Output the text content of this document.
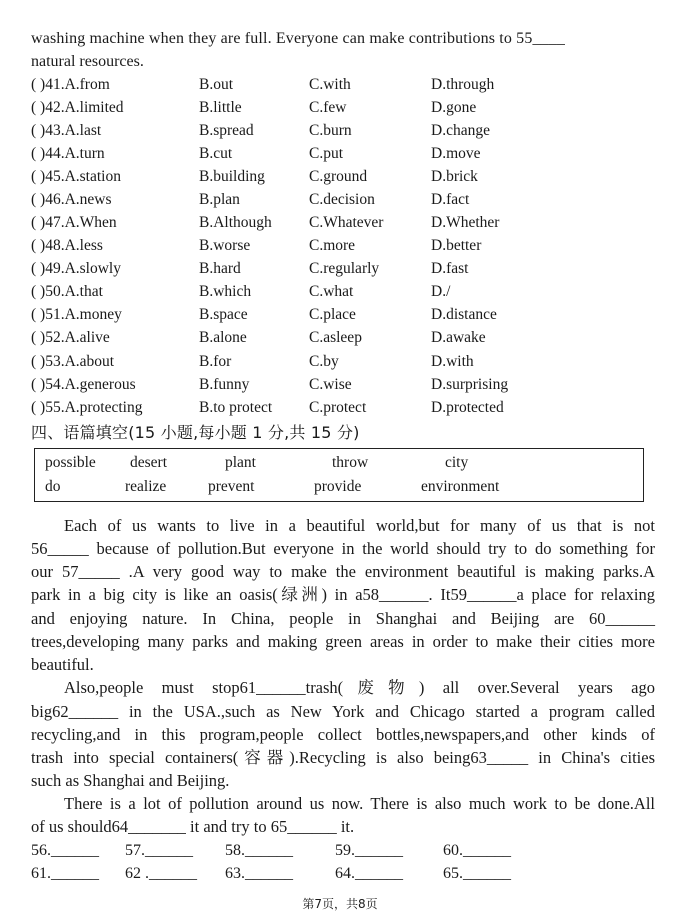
washing machine when they are full. Everyone can make contributions to 55____
natural resources.
( )41.A.from	B.out	C.with	D.through
( )42.A.limited	B.little	C.few	D.gone
( )43.A.last	B.spread	C.burn	D.change
( )44.A.turn	B.cut	C.put	D.move
( )45.A.station	B.building	C.ground	D.brick
( )46.A.news	B.plan	C.decision	D.fact
( )47.A.When	B.Although C.Whatever	D.Whether
( )48.A.less	B.worse	C.more	D.better
( )49.A.slowly	B.hard	C.regularly	D.fast
( )50.A.that	B.which	C.what	D./
( )51.A.money	B.space	C.place	D.distance
( )52.A.alive	B.alone	C.asleep	D.awake
( )53.A.about	B.for	C.by	D.with
( )54.A.generous	B.funny	C.wise	D.surprising
( )55.A.protecting	B.to protect C.protect	D.protected
四、语篇填空(15 小题,每小题 1 分,共 15 分)
possible desert	plant	throw	city
do	realize	prevent	provide	environment
Each of us wants to live in a beautiful world,but for many of us that is not
56_____ because of pollution.But everyone in the world should try to do something for
our 57_____ .A very good way to make the environment beautiful is making parks.A
park in a big city is like an oasis(绿洲) in a58______. It59______a place for relaxing
and enjoying nature. In China, people in Shanghai and Beijing are 60______
trees,developing many parks and making green areas in order to make their cities more
beautiful.
Also,people must stop61______trash(废物) all over.Several years ago
big62______ in the USA.,such as New York and Chicago started a program called
recycling,and in this program,people collect bottles,newspapers,and other kinds of
trash into special containers(容器).Recycling is also being63_____ in China's cities
such as Shanghai and Beijing.
There is a lot of pollution around us now. There is also much work to be done.All
of us should64_______ it and try to 65______ it.
56.______ 57.______ 58.______	59.______	60.______
61.______ 62 .______ 63.______	64.______	65.______
第7页，共8页
